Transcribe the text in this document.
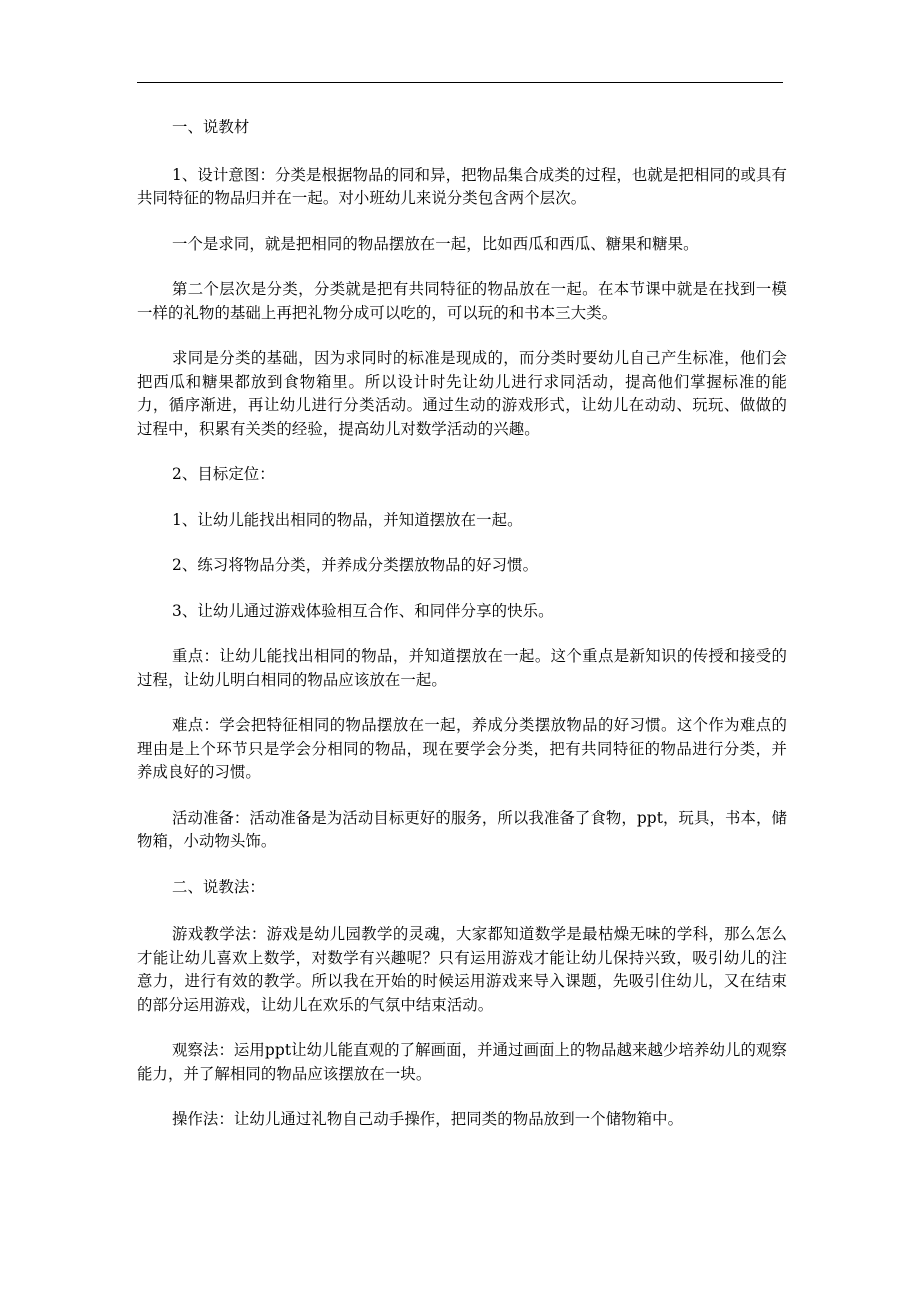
一、说教材

1、设计意图：分类是根据物品的同和异，把物品集合成类的过程，也就是把相同的或具有共同特征的物品归并在一起。对小班幼儿来说分类包含两个层次。

一个是求同，就是把相同的物品摆放在一起，比如西瓜和西瓜、糖果和糖果。

第二个层次是分类，分类就是把有共同特征的物品放在一起。在本节课中就是在找到一模一样的礼物的基础上再把礼物分成可以吃的，可以玩的和书本三大类。

求同是分类的基础，因为求同时的标准是现成的，而分类时要幼儿自己产生标准，他们会把西瓜和糖果都放到食物箱里。所以设计时先让幼儿进行求同活动，提高他们掌握标准的能力，循序渐进，再让幼儿进行分类活动。通过生动的游戏形式，让幼儿在动动、玩玩、做做的过程中，积累有关类的经验，提高幼儿对数学活动的兴趣。

2、目标定位：

1、让幼儿能找出相同的物品，并知道摆放在一起。

2、练习将物品分类，并养成分类摆放物品的好习惯。

3、让幼儿通过游戏体验相互合作、和同伴分享的快乐。

重点：让幼儿能找出相同的物品，并知道摆放在一起。这个重点是新知识的传授和接受的过程，让幼儿明白相同的物品应该放在一起。

难点：学会把特征相同的物品摆放在一起，养成分类摆放物品的好习惯。这个作为难点的理由是上个环节只是学会分相同的物品，现在要学会分类，把有共同特征的物品进行分类，并养成良好的习惯。

活动准备：活动准备是为活动目标更好的服务，所以我准备了食物，ppt，玩具，书本，储物箱，小动物头饰。

二、说教法：

游戏教学法：游戏是幼儿园教学的灵魂，大家都知道数学是最枯燥无味的学科，那么怎么才能让幼儿喜欢上数学，对数学有兴趣呢？只有运用游戏才能让幼儿保持兴致，吸引幼儿的注意力，进行有效的教学。所以我在开始的时候运用游戏来导入课题，先吸引住幼儿，又在结束的部分运用游戏，让幼儿在欢乐的气氛中结束活动。

观察法：运用ppt让幼儿能直观的了解画面，并通过画面上的物品越来越少培养幼儿的观察能力，并了解相同的物品应该摆放在一块。

操作法：让幼儿通过礼物自己动手操作，把同类的物品放到一个储物箱中。
